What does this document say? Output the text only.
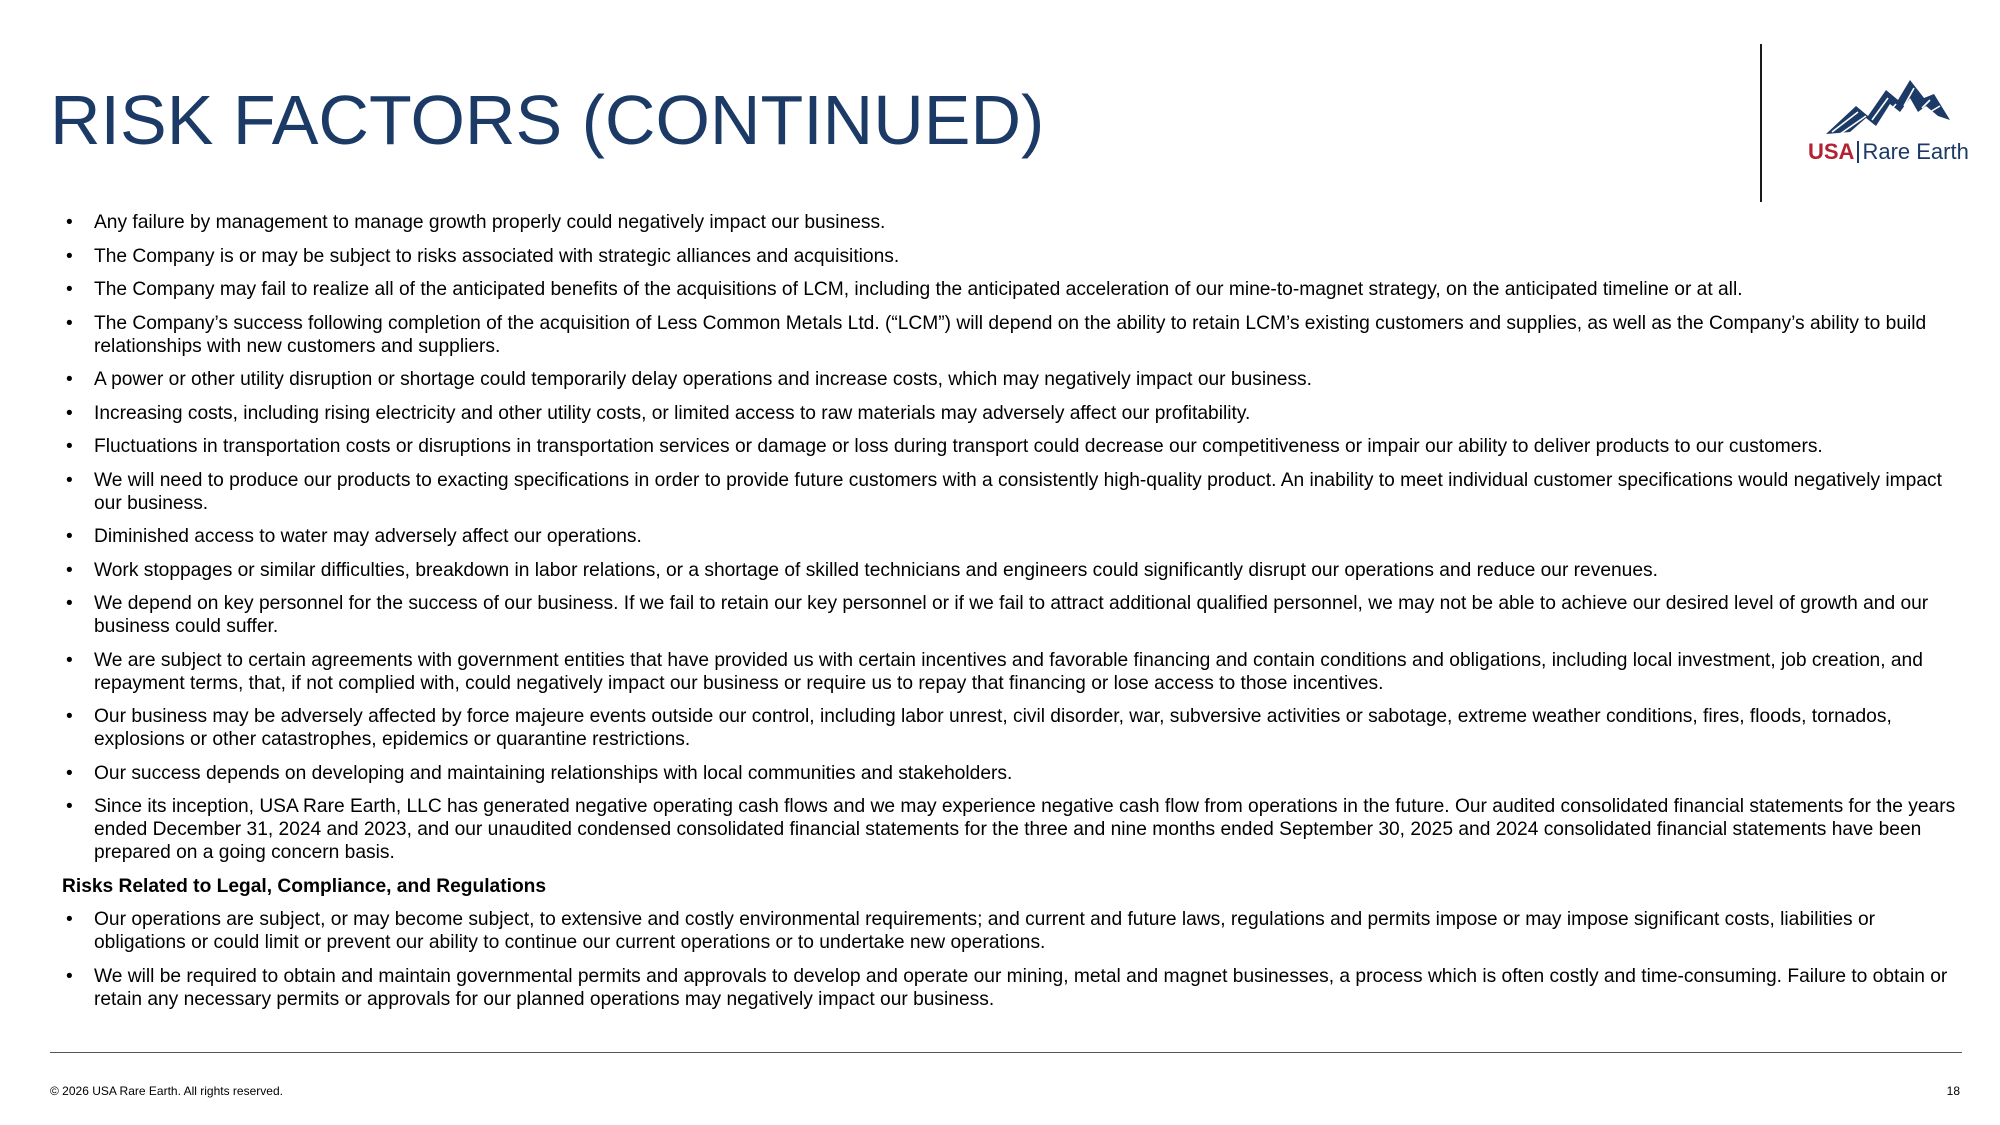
RISK FACTORS (CONTINUED)	USA Rare Earth
• Any failure by management to manage growth properly could negatively impact our business.
• The Company is or may be subject to risks associated with strategic alliances and acquisitions.
• The Company may fail to realize all of the anticipated benefits of the acquisitions of LCM, including the anticipated acceleration of our mine-to-magnet strategy, on the anticipated timeline or at all.
• The Company’s success following completion of the acquisition of Less Common Metals Ltd. (“LCM”) will depend on the ability to retain LCM’s existing customers and supplies, as well as the Company’s ability to build relationships with new customers and suppliers.
• A power or other utility disruption or shortage could temporarily delay operations and increase costs, which may negatively impact our business.
• Increasing costs, including rising electricity and other utility costs, or limited access to raw materials may adversely affect our profitability.
• Fluctuations in transportation costs or disruptions in transportation services or damage or loss during transport could decrease our competitiveness or impair our ability to deliver products to our customers.
• We will need to produce our products to exacting specifications in order to provide future customers with a consistently high-quality product. An inability to meet individual customer specifications would negatively impact our business.
• Diminished access to water may adversely affect our operations.
• Work stoppages or similar difficulties, breakdown in labor relations, or a shortage of skilled technicians and engineers could significantly disrupt our operations and reduce our revenues.
• We depend on key personnel for the success of our business. If we fail to retain our key personnel or if we fail to attract additional qualified personnel, we may not be able to achieve our desired level of growth and our business could suffer.
• We are subject to certain agreements with government entities that have provided us with certain incentives and favorable financing and contain conditions and obligations, including local investment, job creation, and repayment terms, that, if not complied with, could negatively impact our business or require us to repay that financing or lose access to those incentives.
• Our business may be adversely affected by force majeure events outside our control, including labor unrest, civil disorder, war, subversive activities or sabotage, extreme weather conditions, fires, floods, tornados, explosions or other catastrophes, epidemics or quarantine restrictions.
• Our success depends on developing and maintaining relationships with local communities and stakeholders.
• Since its inception, USA Rare Earth, LLC has generated negative operating cash flows and we may experience negative cash flow from operations in the future. Our audited consolidated financial statements for the years ended December 31, 2024 and 2023, and our unaudited condensed consolidated financial statements for the three and nine months ended September 30, 2025 and 2024 consolidated financial statements have been prepared on a going concern basis.
Risks Related to Legal, Compliance, and Regulations
• Our operations are subject, or may become subject, to extensive and costly environmental requirements; and current and future laws, regulations and permits impose or may impose significant costs, liabilities or obligations or could limit or prevent our ability to continue our current operations or to undertake new operations.
• We will be required to obtain and maintain governmental permits and approvals to develop and operate our mining, metal and magnet businesses, a process which is often costly and time-consuming. Failure to obtain or retain any necessary permits or approvals for our planned operations may negatively impact our business.
© 2026 USA Rare Earth. All rights reserved.	18
